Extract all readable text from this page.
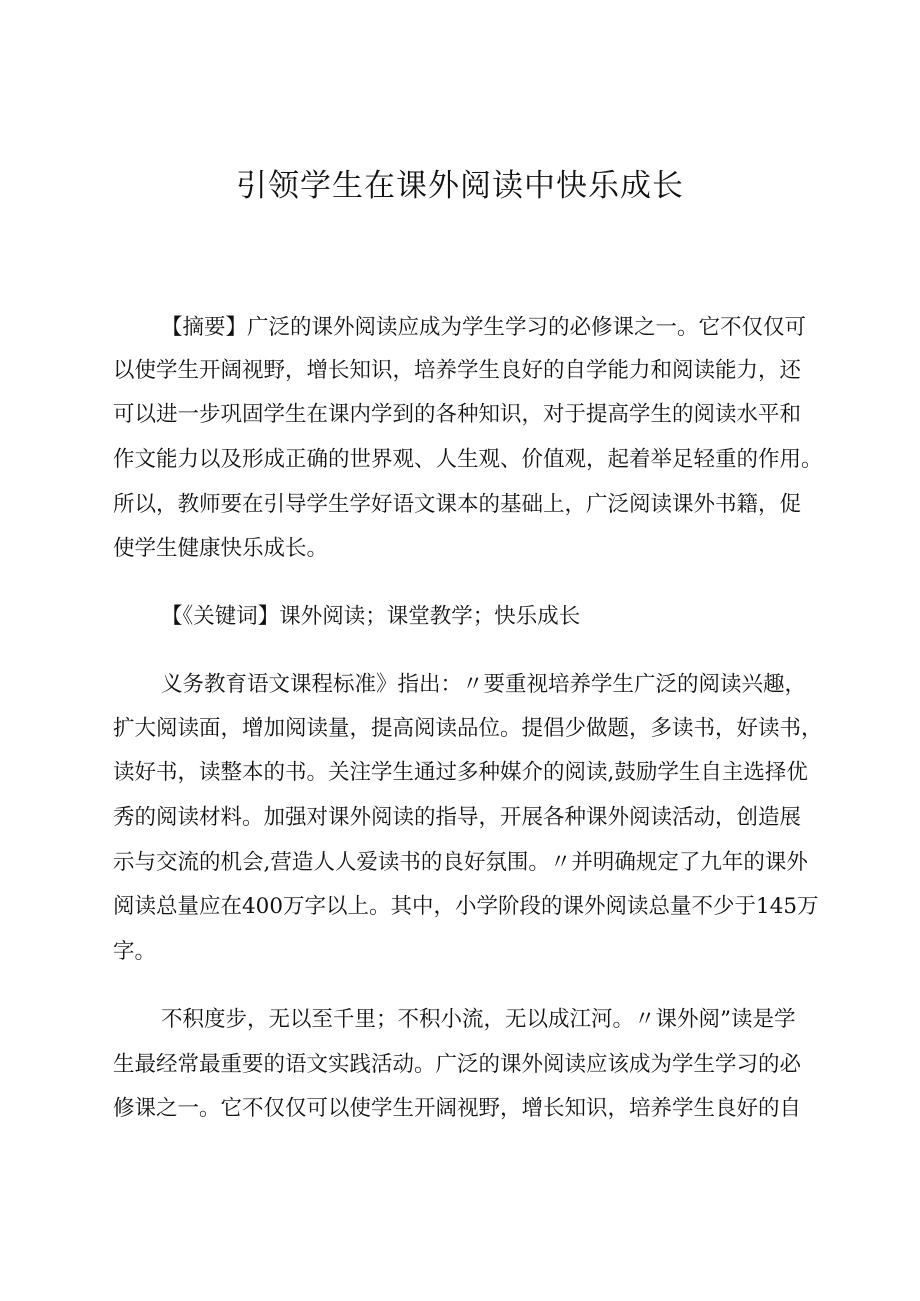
引领学生在课外阅读中快乐成长

【摘要】广泛的课外阅读应成为学生学习的必修课之一。它不仅仅可

以使学生开阔视野，增长知识，培养学生良好的自学能力和阅读能力，还

可以进一步巩固学生在课内学到的各种知识，对于提高学生的阅读水平和

作文能力以及形成正确的世界观、人生观、价值观，起着举足轻重的作用。

所以，教师要在引导学生学好语文课本的基础上，广泛阅读课外书籍，促

使学生健康快乐成长。

【《关键词】课外阅读；课堂教学；快乐成长

义务教育语文课程标准》指出：〃要重视培养学生广泛的阅读兴趣，

扩大阅读面，增加阅读量，提高阅读品位。提倡少做题，多读书，好读书，

读好书，读整本的书。关注学生通过多种媒介的阅读,鼓励学生自主选择优

秀的阅读材料。加强对课外阅读的指导，开展各种课外阅读活动，创造展

示与交流的机会,营造人人爱读书的良好氛围。〃并明确规定了九年的课外

阅读总量应在400万字以上。其中，小学阶段的课外阅读总量不少于145万

字。

不积度步，无以至千里；不积小流，无以成江河。〃课外阅”读是学

生最经常最重要的语文实践活动。广泛的课外阅读应该成为学生学习的必

修课之一。它不仅仅可以使学生开阔视野，增长知识，培养学生良好的自
